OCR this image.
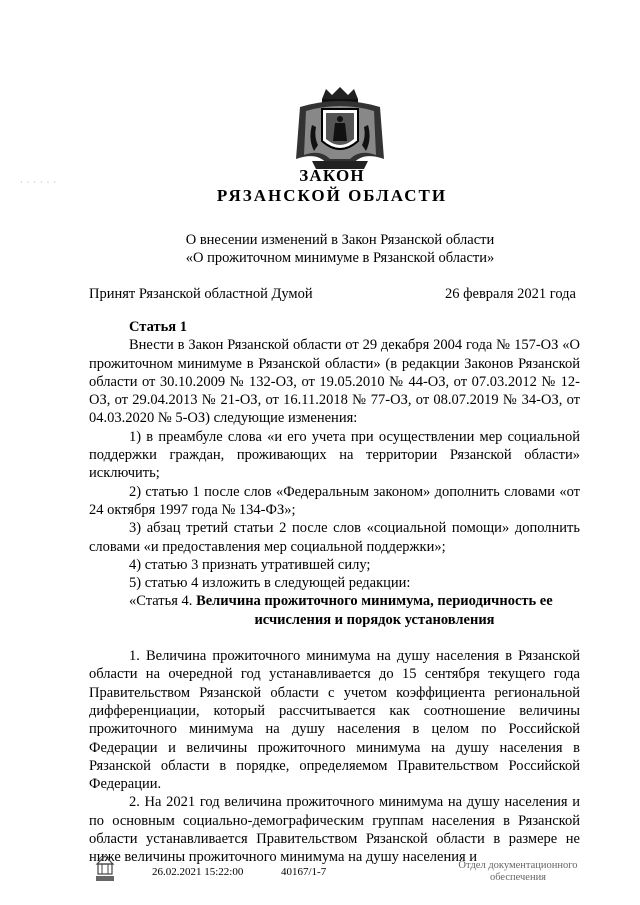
· · · · · ·	ЗАКОН
РЯЗАНСКОЙ ОБЛАСТИ
О внесении изменений в Закон Рязанской области
«О прожиточном минимуме в Рязанской области»
Принят Рязанской областной Думой	26 февраля 2021 года

Статья 1

Внести в Закон Рязанской области от 29 декабря 2004 года № 157-ОЗ «О прожиточном минимуме в Рязанской области» (в редакции Законов Рязанской области от 30.10.2009 № 132-ОЗ, от 19.05.2010 № 44-ОЗ, от 07.03.2012 № 12-ОЗ, от 29.04.2013 № 21-ОЗ, от 16.11.2018 № 77-ОЗ, от 08.07.2019 № 34-ОЗ, от 04.03.2020 № 5-ОЗ) следующие изменения:

1) в преамбуле слова «и его учета при осуществлении мер социальной поддержки граждан, проживающих на территории Рязанской области» исключить;

2) статью 1 после слов «Федеральным законом» дополнить словами «от 24 октября 1997 года № 134-ФЗ»;

3) абзац третий статьи 2 после слов «социальной помощи» дополнить словами «и предоставления мер социальной поддержки»;

4) статью 3 признать утратившей силу;

5) статью 4 изложить в следующей редакции:

«Статья 4. Величина прожиточного минимума, периодичность ее

исчисления и порядок установления

1. Величина прожиточного минимума на душу населения в Рязанской области на очередной год устанавливается до 15 сентября текущего года Правительством Рязанской области с учетом коэффициента региональной дифференциации, который рассчитывается как соотношение величины прожиточного минимума на душу населения в целом по Российской Федерации и величины прожиточного минимума на душу населения в Рязанской области в порядке, определяемом Правительством Российской Федерации.

2. На 2021 год величина прожиточного минимума на душу населения и по основным социально-демографическим группам населения в Рязанской области устанавливается Правительством Рязанской области в размере не ниже величины прожиточного минимума на душу населения и

26.02.2021 15:22:00	40167/1-7
Отдел документационного
обеспечения
